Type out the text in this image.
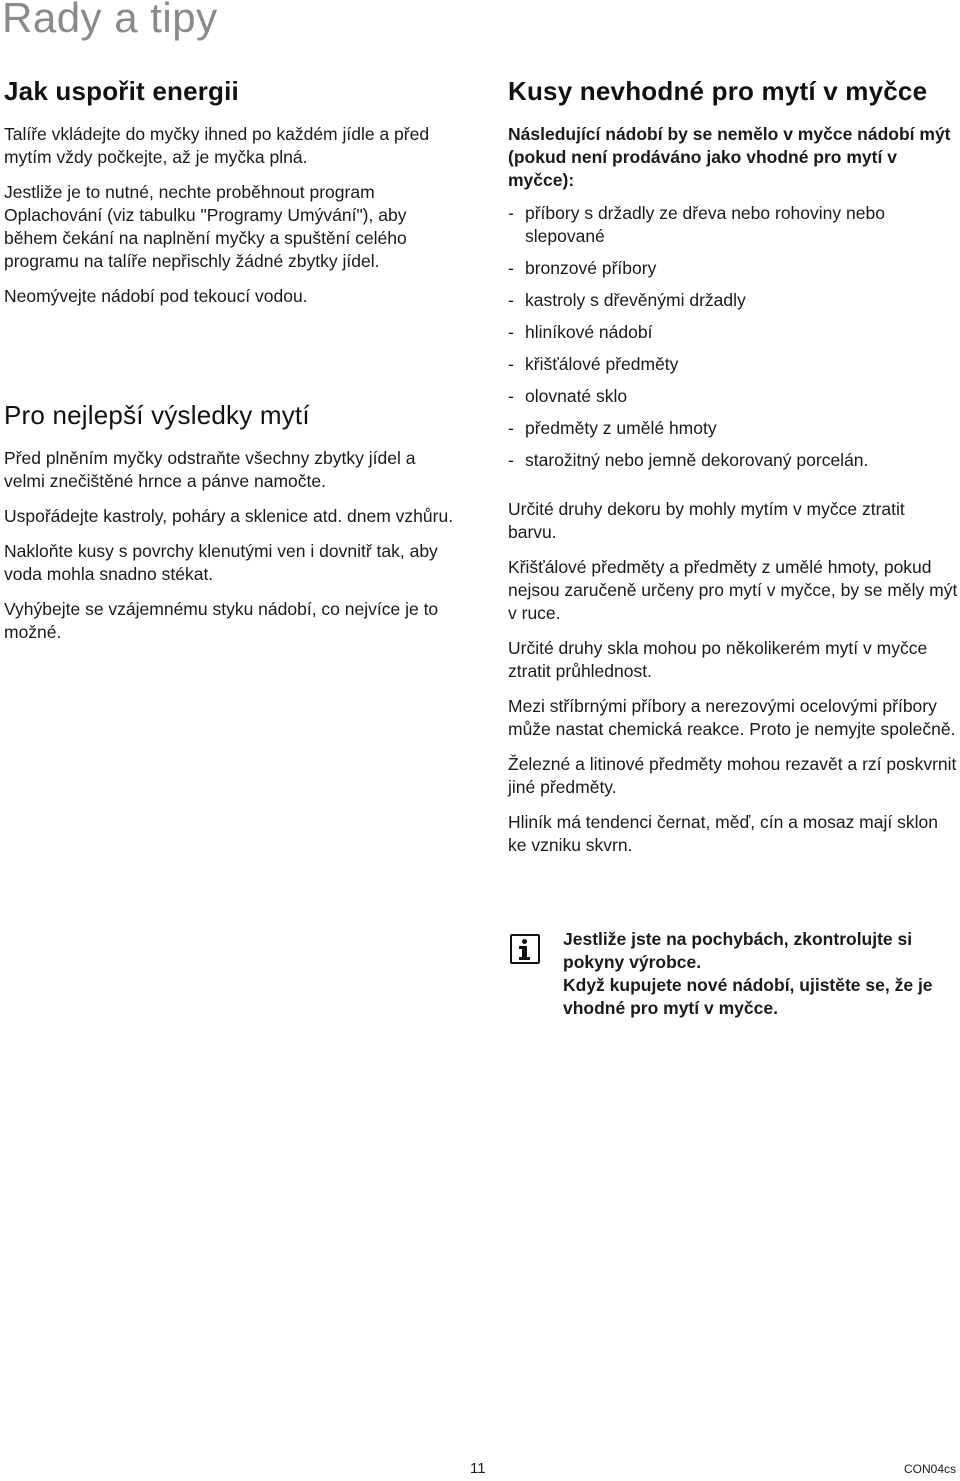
Rady a tipy
Jak uspořit energii

Talíře vkládejte do myčky ihned po každém jídle a před mytím vždy počkejte, až je myčka plná.

Jestliže je to nutné, nechte proběhnout program Oplachování (viz tabulku "Programy Umývání"), aby během čekání na naplnění myčky a spuštění celého programu na talíře nepřischly žádné zbytky jídel.

Neomývejte nádobí pod tekoucí vodou.

Pro nejlepší výsledky mytí

Před plněním myčky odstraňte všechny zbytky jídel a velmi znečištěné hrnce a pánve namočte.

Uspořádejte kastroly, poháry a sklenice atd. dnem vzhůru.

Nakloňte kusy s povrchy klenutými ven i dovnitř tak, aby voda mohla snadno stékat.

Vyhýbejte se vzájemnému styku nádobí, co nejvíce je to možné.

Kusy nevhodné pro mytí v myčce

Následující nádobí by se nemělo v myčce nádobí mýt (pokud není prodáváno jako vhodné pro mytí v myčce):

- příbory s držadly ze dřeva nebo rohoviny nebo slepované
- bronzové příbory
- kastroly s dřevěnými držadly
- hliníkové nádobí
- křišťálové předměty
- olovnaté sklo
- předměty z umělé hmoty
- starožitný nebo jemně dekorovaný porcelán.

Určité druhy dekoru by mohly mytím v myčce ztratit barvu.

Křišťálové předměty a předměty z umělé hmoty, pokud nejsou zaručeně určeny pro mytí v myčce, by se měly mýt v ruce.

Určité druhy skla mohou po několikerém mytí v myčce ztratit průhlednost.

Mezi stříbrnými příbory a nerezovými ocelovými příbory může nastat chemická reakce. Proto je nemyjte společně.

Železné a litinové předměty mohou rezavět a rzí poskvrnit jiné předměty.

Hliník má tendenci černat, měď, cín a mosaz mají sklon ke vzniku skvrn.

Jestliže jste na pochybách, zkontrolujte si pokyny výrobce.

Když kupujete nové nádobí, ujistěte se, že je vhodné pro mytí v myčce.

11	CON04cs
